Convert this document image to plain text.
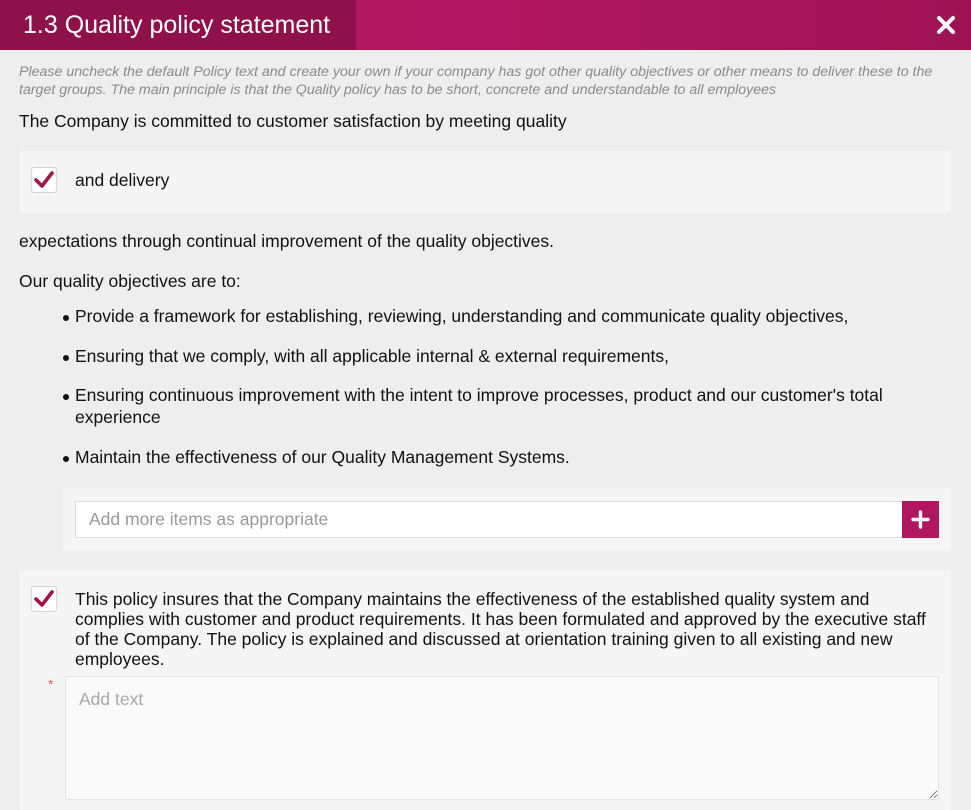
1.3 Quality policy statement
Please uncheck the default Policy text and create your own if your company has got other quality objectives or other means to deliver these to the target groups. The main principle is that the Quality policy has to be short, concrete and understandable to all employees
The Company is committed to customer satisfaction by meeting quality
and delivery
expectations through continual improvement of the quality objectives.
Our quality objectives are to:
Provide a framework for establishing, reviewing, understanding and communicate quality objectives,
Ensuring that we comply, with all applicable internal & external requirements,
Ensuring continuous improvement with the intent to improve processes, product and our customer's total experience
Maintain the effectiveness of our Quality Management Systems.
Add more items as appropriate
This policy insures that the Company maintains the effectiveness of the established quality system and complies with customer and product requirements. It has been formulated and approved by the executive staff of the Company. The policy is explained and discussed at orientation training given to all existing and new employees.
*
Add text
